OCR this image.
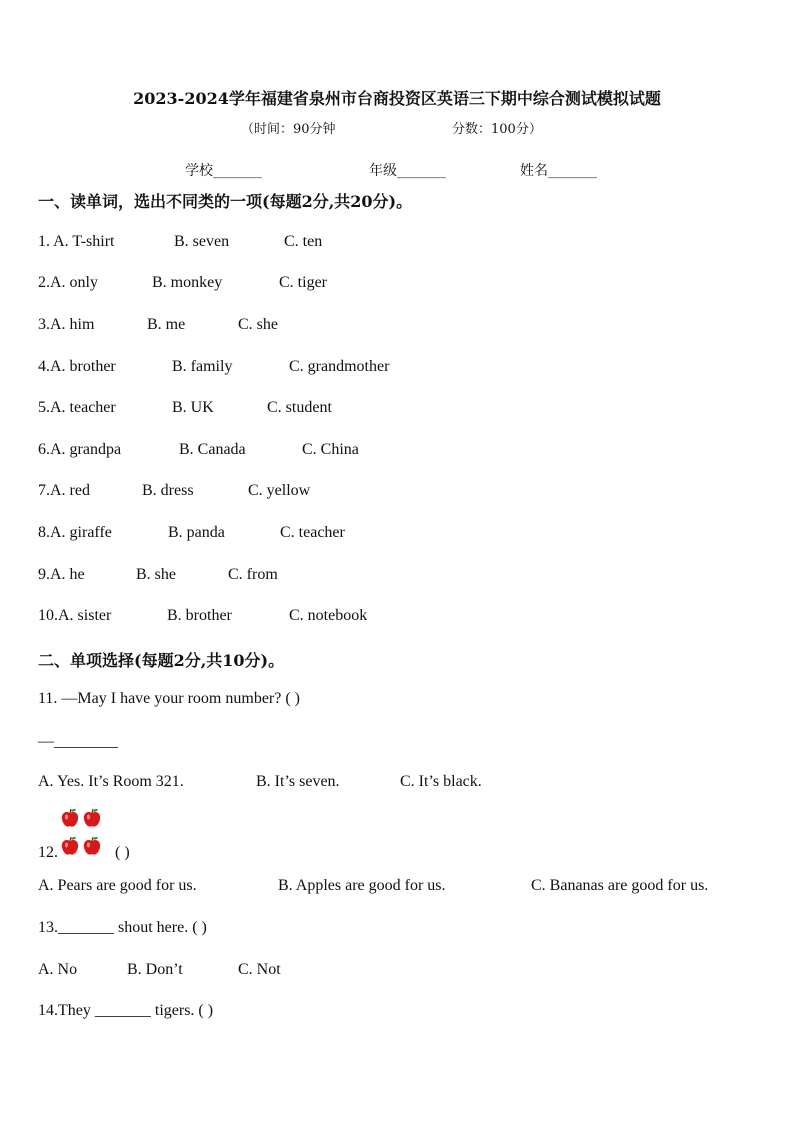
2023-2024学年福建省泉州市台商投资区英语三下期中综合测试模拟试题
（时间：90分钟	分数：100分）
学校_______	年级_______	姓名_______
一、读单词，选出不同类的一项(每题2分,共20分)。
1. A. T-shirt	B. seven	C. ten
2.A. only	B. monkey	C. tiger
3.A. him	B. me	C. she
4.A. brother	B. family	C. grandmother
5.A. teacher	B. UK	C. student
6.A. grandpa	B. Canada	C. China
7.A. red	B. dress	C. yellow
8.A. giraffe	B. panda	C. teacher
9.A. he	B. she	C. from
10.A. sister	B. brother	C. notebook
二、单项选择(每题2分,共10分)。
11. —May I have your room number? ( )
—________
A. Yes. It’s Room 321.	B. It’s seven.	C. It’s black.
12.	( )
A. Pears are good for us.	B. Apples are good for us.	C. Bananas are good for us.
13._______ shout here. ( )
A. No	B. Don’t	C. Not
14.They _______ tigers. ( )
